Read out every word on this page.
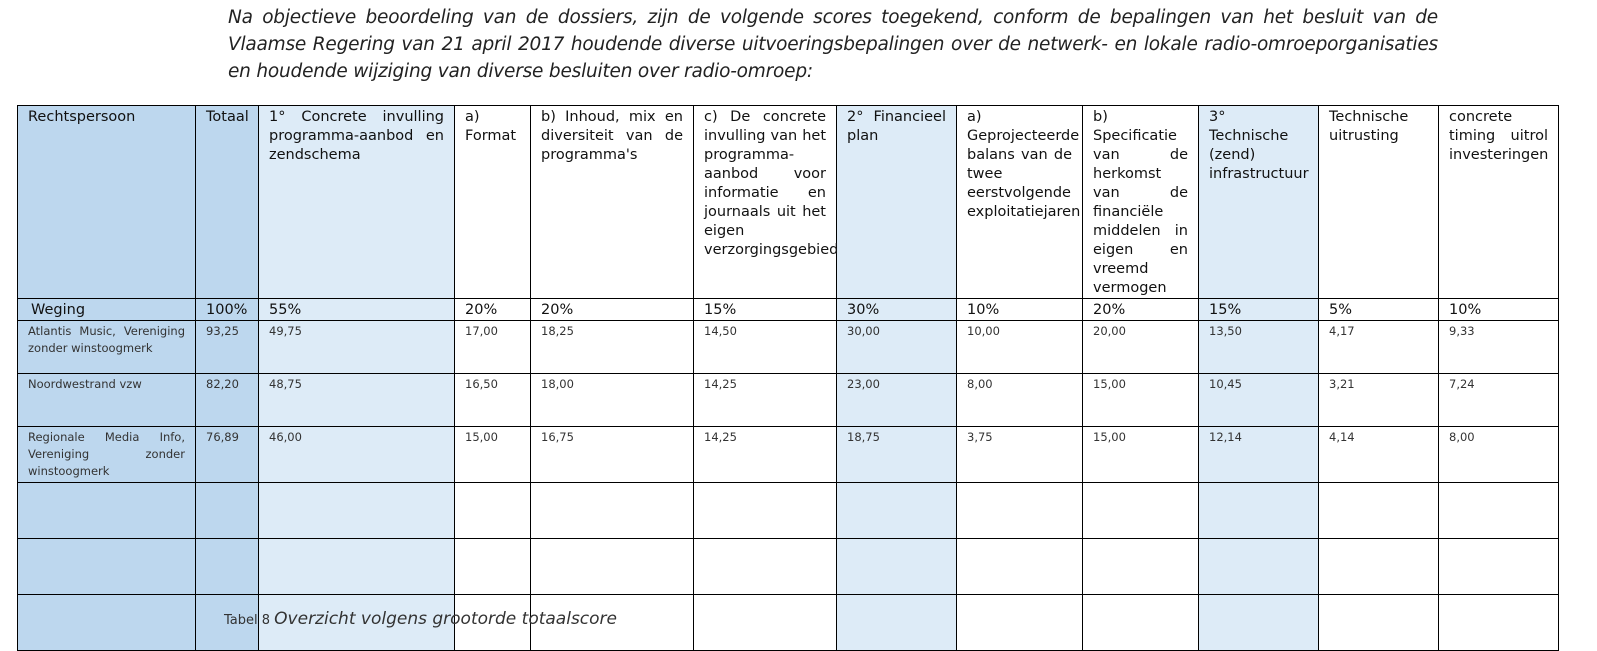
Na objectieve beoordeling van de dossiers, zijn de volgende scores toegekend, conform de bepalingen van het besluit van de Vlaamse Regering van 21 april 2017 houdende diverse uitvoeringsbepalingen over de netwerk- en lokale radio-omroeporganisaties en houdende wijziging van diverse besluiten over radio-omroep:
Rechtspersoon	Totaal	1° Concrete invulling programma-aanbod en zendschema	a) Format	b) Inhoud, mix en diversiteit van de programma's	c) De concrete invulling van het programma-aanbod voor informatie en journaals uit het eigen verzorgingsgebied	2° Financieel plan	a) Geprojecteerde balans van de twee eerstvolgende exploitatiejaren	b) Specificatie van de herkomst van de financiële middelen in eigen en vreemd vermogen	3° Technische (zend) infrastructuur	Technische uitrusting	concrete timing uitrol investeringen
Weging	100%	55%	20%	20%	15%	30%	10%	20%	15%	5%	10%
Atlantis Music, Vereniging zonder winstoogmerk	93,25	49,75	17,00	18,25	14,50	30,00	10,00	20,00	13,50	4,17	9,33
Noordwestrand vzw	82,20	48,75	16,50	18,00	14,25	23,00	8,00	15,00	10,45	3,21	7,24
Regionale Media Info, Vereniging zonder winstoogmerk	76,89	46,00	15,00	16,75	14,25	18,75	3,75	15,00	12,14	4,14	8,00

Tabel 8 Overzicht volgens grootorde totaalscore
